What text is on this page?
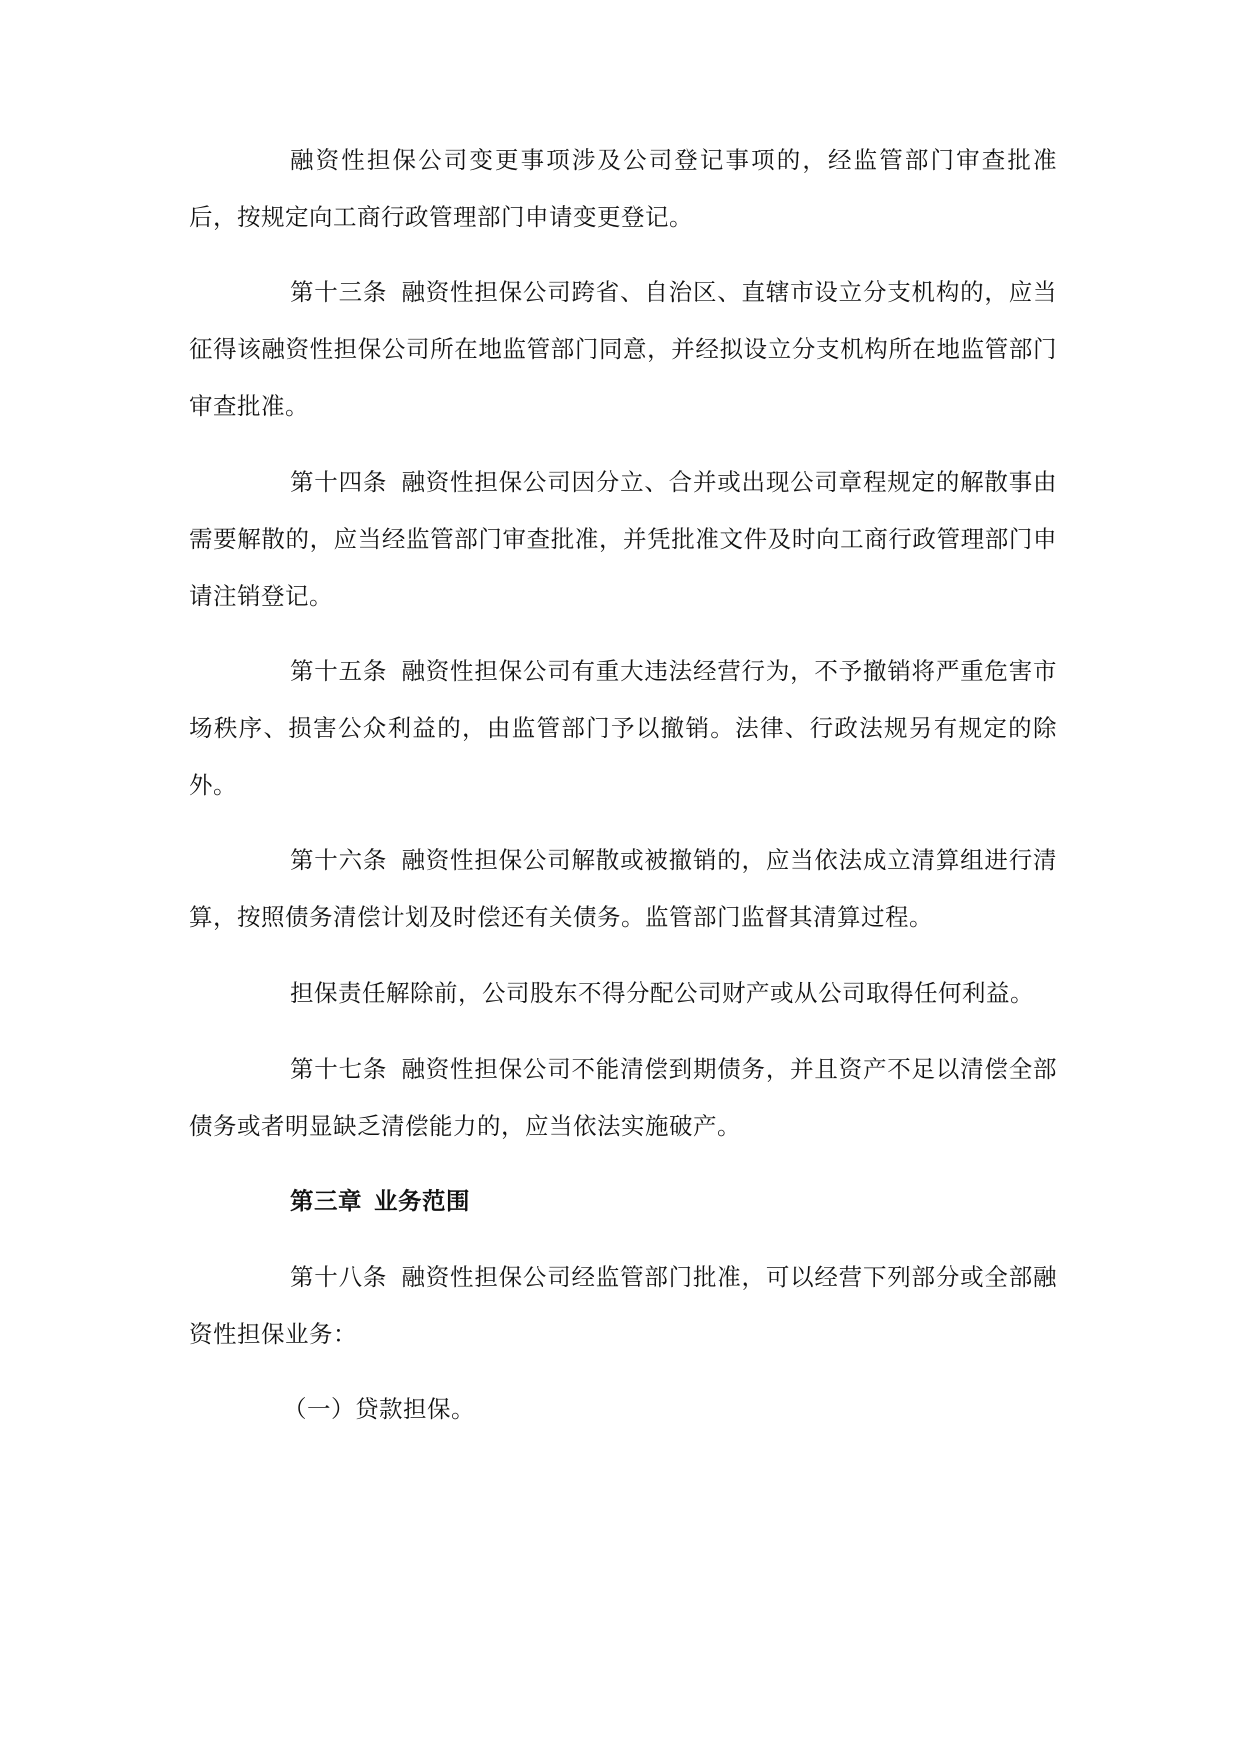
融资性担保公司变更事项涉及公司登记事项的，经监管部门审查批准后，按规定向工商行政管理部门申请变更登记。

第十三条 融资性担保公司跨省、自治区、直辖市设立分支机构的，应当征得该融资性担保公司所在地监管部门同意，并经拟设立分支机构所在地监管部门审查批准。

第十四条 融资性担保公司因分立、合并或出现公司章程规定的解散事由需要解散的，应当经监管部门审查批准，并凭批准文件及时向工商行政管理部门申请注销登记。

第十五条 融资性担保公司有重大违法经营行为，不予撤销将严重危害市场秩序、损害公众利益的，由监管部门予以撤销。法律、行政法规另有规定的除外。

第十六条 融资性担保公司解散或被撤销的，应当依法成立清算组进行清算，按照债务清偿计划及时偿还有关债务。监管部门监督其清算过程。

担保责任解除前，公司股东不得分配公司财产或从公司取得任何利益。

第十七条 融资性担保公司不能清偿到期债务，并且资产不足以清偿全部债务或者明显缺乏清偿能力的，应当依法实施破产。

第三章 业务范围

第十八条 融资性担保公司经监管部门批准，可以经营下列部分或全部融资性担保业务：

（一）贷款担保。
